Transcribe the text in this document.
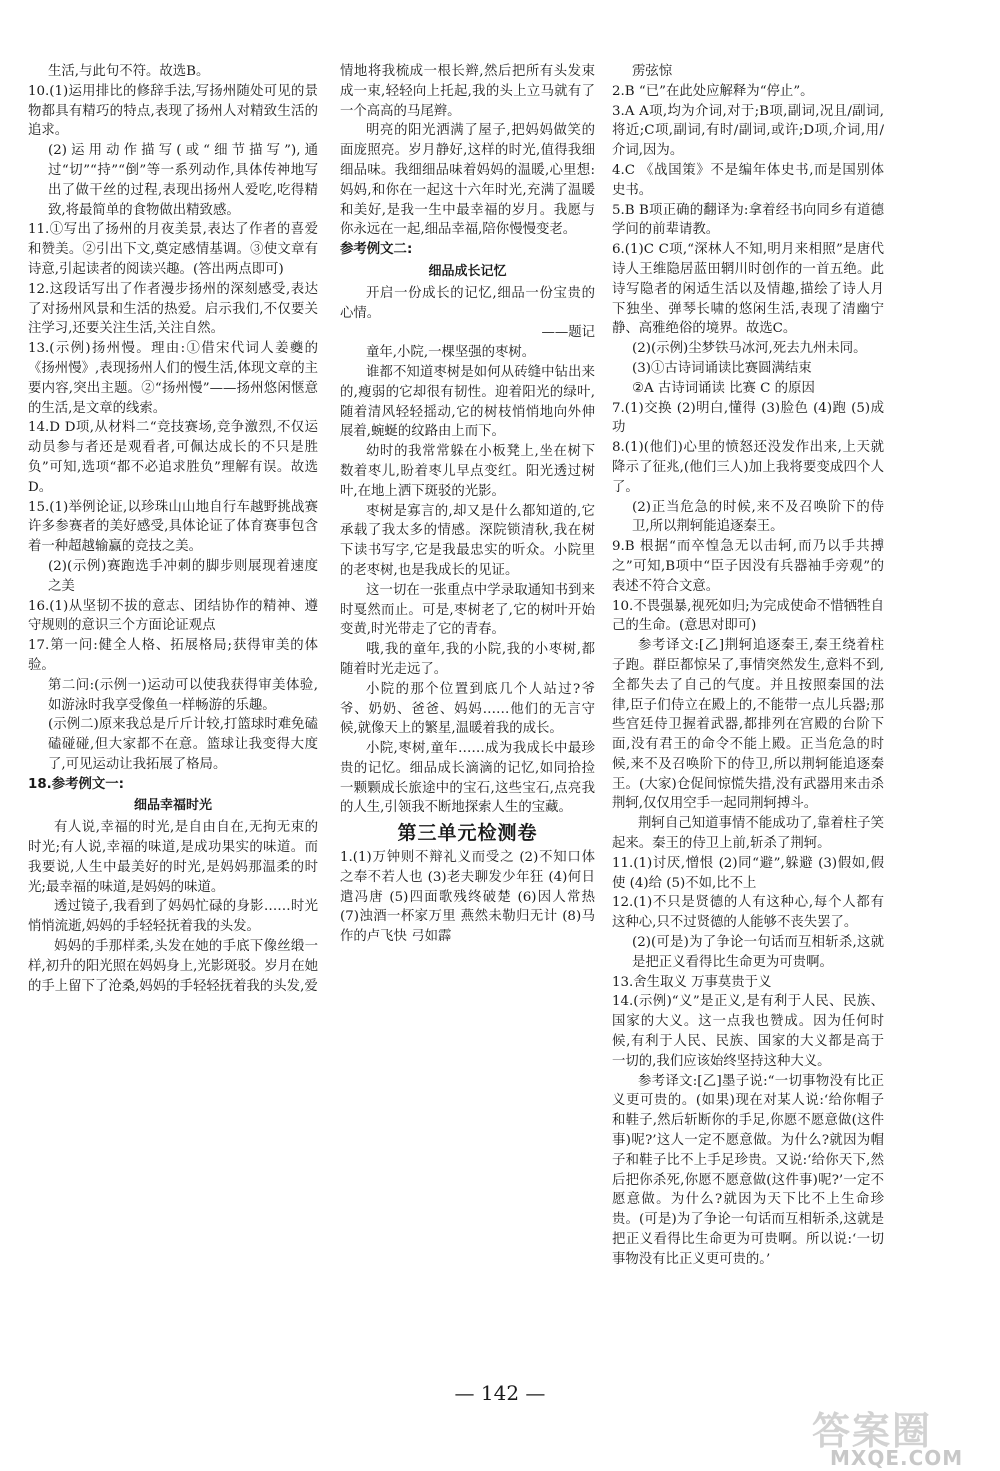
生活,与此句不符。故选B。

10.(1)运用排比的修辞手法,写扬州随处可见的景物都具有精巧的特点,表现了扬州人对精致生活的追求。

(2)运用动作描写(或“细节描写”),通过“切”“持”“倒”等一系列动作,具体传神地写出了做干丝的过程,表现出扬州人爱吃,吃得精致,将最简单的食物做出精致感。

11.①写出了扬州的月夜美景,表达了作者的喜爱和赞美。②引出下文,奠定感情基调。③使文章有诗意,引起读者的阅读兴趣。(答出两点即可)

12.这段话写出了作者漫步扬州的深刻感受,表达了对扬州风景和生活的热爱。启示我们,不仅要关注学习,还要关注生活,关注自然。

13.(示例)扬州慢。理由:①借宋代词人姜夔的《扬州慢》,表现扬州人们的慢生活,体现文章的主要内容,突出主题。②“扬州慢”——扬州悠闲惬意的生活,是文章的线索。

14.D D项,从材料二“竞技赛场,竞争激烈,不仅运动员参与者还是观看者,可佩达成长的不只是胜负”可知,选项“都不必追求胜负”理解有误。故选D。

15.(1)举例论证,以珍珠山山地自行车越野挑战赛许多参赛者的美好感受,具体论证了体育赛事包含着一种超越输赢的竞技之美。

(2)(示例)赛跑选手冲刺的脚步则展现着速度之美

16.(1)从坚韧不拔的意志、团结协作的精神、遵守规则的意识三个方面论证观点

17.第一问:健全人格、拓展格局;获得审美的体验。

第二问:(示例一)运动可以使我获得审美体验,如游泳时我享受像鱼一样畅游的乐趣。

(示例二)原来我总是斤斤计较,打篮球时难免磕磕碰碰,但大家都不在意。篮球让我变得大度了,可见运动让我拓展了格局。

18.参考例文一:

细品幸福时光

有人说,幸福的时光,是自由自在,无拘无束的时光;有人说,幸福的味道,是成功果实的味道。而我要说,人生中最美好的时光,是妈妈那温柔的时光;最幸福的味道,是妈妈的味道。

透过镜子,我看到了妈妈忙碌的身影……时光悄悄流逝,妈妈的手轻轻抚着我的头发。

妈妈的手那样柔,头发在她的手底下像丝缎一样,初升的阳光照在妈妈身上,光影斑驳。岁月在她的手上留下了沧桑,妈妈的手轻轻抚着我的头发,爱

情地将我梳成一根长辫,然后把所有头发束成一束,轻轻向上托起,我的头上立马就有了一个高高的马尾辫。

明亮的阳光洒满了屋子,把妈妈做笑的面庞照亮。岁月静好,这样的时光,值得我细细品味。我细细品味着妈妈的温暖,心里想:妈妈,和你在一起这十六年时光,充满了温暖和美好,是我一生中最幸福的岁月。我愿与你永远在一起,细品幸福,陪你慢慢变老。

参考例文二:

细品成长记忆

开启一份成长的记忆,细品一份宝贵的心情。

——题记

童年,小院,一棵坚强的枣树。

谁都不知道枣树是如何从砖缝中钻出来的,瘦弱的它却很有韧性。迎着阳光的绿叶,随着清风轻轻摇动,它的树枝悄悄地向外伸展着,蜿蜒的纹路由上而下。

幼时的我常常躲在小板凳上,坐在树下数着枣儿,盼着枣儿早点变红。阳光透过树叶,在地上洒下斑驳的光影。

枣树是寡言的,却又是什么都知道的,它承载了我太多的情感。深院锁清秋,我在树下读书写字,它是我最忠实的听众。小院里的老枣树,也是我成长的见证。

这一切在一张重点中学录取通知书到来时戛然而止。可是,枣树老了,它的树叶开始变黄,时光带走了它的青春。

哦,我的童年,我的小院,我的小枣树,都随着时光走远了。

小院的那个位置到底几个人站过?爷爷、奶奶、爸爸、妈妈……他们的无言守候,就像天上的繁星,温暖着我的成长。

小院,枣树,童年……成为我成长中最珍贵的记忆。细品成长滴滴的记忆,如同拾捡一颗颗成长旅途中的宝石,这些宝石,点亮我的人生,引领我不断地探索人生的宝藏。

第三单元检测卷

1.(1)万钟则不辩礼义而受之 (2)不知口体之奉不若人也 (3)老夫聊发少年狂 (4)何日遣冯唐 (5)四面歌残终破楚 (6)因人常热 (7)浊酒一杯家万里 燕然未勒归无计 (8)马作的卢飞快 弓如霹

雳弦惊

2.B “已”在此处应解释为“停止”。

3.A A项,均为介词,对于;B项,副词,况且/副词,将近;C项,副词,有时/副词,或许;D项,介词,用/介词,因为。

4.C 《战国策》不是编年体史书,而是国别体史书。

5.B B项正确的翻译为:拿着经书向同乡有道德学问的前辈请教。

6.(1)C C项,“深林人不知,明月来相照”是唐代诗人王维隐居蓝田辋川时创作的一首五绝。此诗写隐者的闲适生活以及情趣,描绘了诗人月下独坐、弹琴长啸的悠闲生活,表现了清幽宁静、高雅绝俗的境界。故选C。

(2)(示例)尘梦铁马冰河,死去九州未同。

(3)①古诗词诵读比赛圆满结束

②A 古诗词诵读 比赛 C 的原因

7.(1)交换 (2)明白,懂得 (3)脸色 (4)跑 (5)成功

8.(1)(他们)心里的愤怒还没发作出来,上天就降示了征兆,(他们三人)加上我将要变成四个人了。

(2)正当危急的时候,来不及召唤阶下的侍卫,所以荆轲能追逐秦王。

9.B 根据“而卒惶急无以击轲,而乃以手共搏之”可知,B项中“臣子因没有兵器袖手旁观”的表述不符合文意。

10.不畏强暴,视死如归;为完成使命不惜牺牲自己的生命。(意思对即可)

参考译文:[乙]荆轲追逐秦王,秦王绕着柱子跑。群臣都惊呆了,事情突然发生,意料不到,全都失去了自己的气度。并且按照秦国的法律,臣子们侍立在殿上的,不能带一点儿兵器;那些宫廷侍卫握着武器,都排列在宫殿的台阶下面,没有君王的命令不能上殿。正当危急的时候,来不及召唤阶下的侍卫,所以荆轲能追逐秦王。(大家)仓促间惊慌失措,没有武器用来击杀荆轲,仅仅用空手一起同荆轲搏斗。

荆轲自己知道事情不能成功了,靠着柱子笑起来。秦王的侍卫上前,斩杀了荆轲。

11.(1)讨厌,憎恨 (2)同“避”,躲避 (3)假如,假使 (4)给 (5)不如,比不上

12.(1)不只是贤德的人有这种心,每个人都有这种心,只不过贤德的人能够不丧失罢了。

(2)(可是)为了争论一句话而互相斩杀,这就是把正义看得比生命更为可贵啊。

13.舍生取义 万事莫贵于义

14.(示例)“义”是正义,是有利于人民、民族、国家的大义。这一点我也赞成。因为任何时候,有利于人民、民族、国家的大义都是高于一切的,我们应该始终坚持这种大义。

参考译文:[乙]墨子说:“一切事物没有比正义更可贵的。(如果)现在对某人说:‘给你帽子和鞋子,然后斩断你的手足,你愿不愿意做(这件事)呢?’这人一定不愿意做。为什么?就因为帽子和鞋子比不上手足珍贵。又说:‘给你天下,然后把你杀死,你愿不愿意做(这件事)呢?’一定不愿意做。为什么?就因为天下比不上生命珍贵。(可是)为了争论一句话而互相斩杀,这就是把正义看得比生命更为可贵啊。所以说:‘一切事物没有比正义更可贵的。’

— 142 —
答案圈
MXQE.COM
